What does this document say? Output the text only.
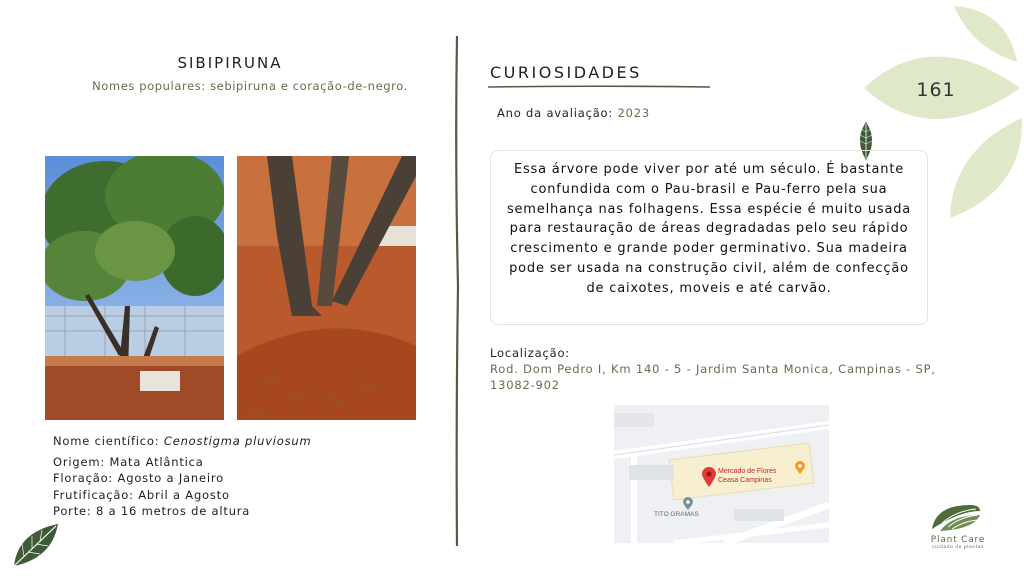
SIBIPIRUNA
Nomes populares: sebipiruna e coração-de-negro.
Nome científico: Cenostigma pluviosum
Origem: Mata Atlântica
Floração: Agosto a Janeiro
Frutificação: Abril a Agosto
Porte: 8 a 16 metros de altura
CURIOSIDADES
Ano da avaliação: 2023
Essa árvore pode viver por até um século. É bastante confundida com o Pau-brasil e Pau-ferro pela sua semelhança nas folhagens. Essa espécie é muito usada para restauração de áreas degradadas pelo seu rápido crescimento e grande poder germinativo. Sua madeira pode ser usada na construção civil, além de confecção de caixotes, moveis e até carvão.
Localização:
Rod. Dom Pedro I, Km 140 - 5 - Jardim Santa Monica, Campinas - SP, 13082-902
Mercado de Flores
Ceasa Campinas
TITO GRAMAS
161
Plant Care
cuidado de plantas
